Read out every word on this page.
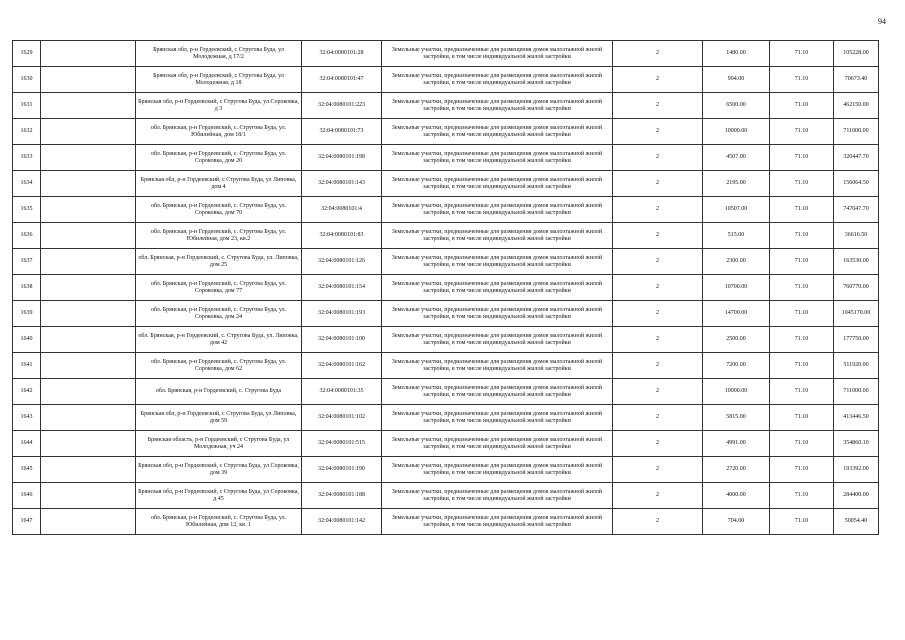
94
1629		Брянская обл, р-н Гордеевский, с Струговa Буда, ул Молодежная, д 17/2	32:04:0080101:28	Земельные участки, предназначенные для размещения домов малоэтажной жилой застройки, в том числе индивидуальной жилой застройки	2	1480.00	71.10	105228.00
1630		Брянская обл, р-н Гордеевский, с Струговa Буда, ул Молодежная, д 18	32:04:0080101:47	Земельные участки, предназначенные для размещения домов малоэтажной жилой застройки, в том числе индивидуальной жилой застройки	2	994.00	71.10	70673.40
1631		Брянская обл, р-н Гордеевский, с Струговa Буда, ул Сороковка, д 3	32:04:0080101:223	Земельные участки, предназначенные для размещения домов малоэтажной жилой застройки, в том числе индивидуальной жилой застройки	2	6500.00	71.10	462150.00
1632		обл. Брянская, р-н Гордеевский, с. Струговa Буда, ул. Юбилейная, дом 18/1	32:04:0080101:73	Земельные участки, предназначенные для размещения домов малоэтажной жилой застройки, в том числе индивидуальной жилой застройки	2	10000.00	71.10	711000.00
1633		обл. Брянская, р-н Гордеевский, с. Струговa Буда, ул. Сороковка, дом 20	32:04:0080101:198	Земельные участки, предназначенные для размещения домов малоэтажной жилой застройки, в том числе индивидуальной жилой застройки	2	4507.00	71.10	320447.70
1634		Брянская обл, р-н Гордеевский, с Струговa Буда, ул Липовка, дом 4	32:04:0080101:143	Земельные участки, предназначенные для размещения домов малоэтажной жилой застройки, в том числе индивидуальной жилой застройки	2	2195.00	71.10	156064.50
1635		обл. Брянская, р-н Гордеевский, с. Струговa Буда, ул. Сороковка, дом 70	32:04:0080101:4	Земельные участки, предназначенные для размещения домов малоэтажной жилой застройки, в том числе индивидуальной жилой застройки	2	10507.00	71.10	747047.70
1636		обл. Брянская, р-н Гордеевский, с. Струговa Буда, ул. Юбилейная, дом 23, кв.2	32:04:0080101:83	Земельные участки, предназначенные для размещения домов малоэтажной жилой застройки, в том числе индивидуальной жилой застройки	2	515.00	71.10	36616.50
1637		обл. Брянская, р-н Гордеевский, с. Струговa Буда, ул. Липовка, дом 25	32:04:0080101:126	Земельные участки, предназначенные для размещения домов малоэтажной жилой застройки, в том числе индивидуальной жилой застройки	2	2300.00	71.10	163530.00
1638		обл. Брянская, р-н Гордеевский, с. Струговa Буда, ул. Сороковка, дом 77	32:04:0080101:154	Земельные участки, предназначенные для размещения домов малоэтажной жилой застройки, в том числе индивидуальной жилой застройки	2	10700.00	71.10	760770.00
1639		обл. Брянская, р-н Гордеевский, с. Струговa Буда, ул. Сороковка, дом 24	32:04:0080101:193	Земельные участки, предназначенные для размещения домов малоэтажной жилой застройки, в том числе индивидуальной жилой застройки	2	14700.00	71.10	1045170.00
1640		обл. Брянская, р-н Гордеевский, с. Струговa Буда, ул. Липовка, дом 42	32:04:0080101:100	Земельные участки, предназначенные для размещения домов малоэтажной жилой застройки, в том числе индивидуальной жилой застройки	2	2500.00	71.10	177750.00
1641		обл. Брянская, р-н Гордеевский, с. Струговa Буда, ул. Сороковка, дом 62	32:04:0080101:162	Земельные участки, предназначенные для размещения домов малоэтажной жилой застройки, в том числе индивидуальной жилой застройки	2	7200.00	71.10	511920.00
1642		обл. Брянская, р-н Гордеевский, с. Струговa Буда	32:04:0080101:35	Земельные участки, предназначенные для размещения домов малоэтажной жилой застройки, в том числе индивидуальной жилой застройки	2	10000.00	71.10	711000.00
1643		Брянская обл, р-н Гордеевский, с Струговa Буда, ул Липовка, дом 59	32:04:0080101:102	Земельные участки, предназначенные для размещения домов малоэтажной жилой застройки, в том числе индивидуальной жилой застройки	2	5815.00	71.10	413446.50
1644		Брянская область, р-н Гордеевский, с Струговa Буда, ул Молодежная, уч 24	32:04:0080101:515	Земельные участки, предназначенные для размещения домов малоэтажной жилой застройки, в том числе индивидуальной жилой застройки	2	4991.00	71.10	354860.10
1645		Брянская обл, р-н Гордеевский, с Струговa Буда, ул Сороковка, дом 39	32:04:0080101:190	Земельные участки, предназначенные для размещения домов малоэтажной жилой застройки, в том числе индивидуальной жилой застройки	2	2720.00	71.10	193392.00
1646		Брянская обл, р-н Гордеевский, с Струговa Буда, ул Сороковка, д 45	32:04:0080101:188	Земельные участки, предназначенные для размещения домов малоэтажной жилой застройки, в том числе индивидуальной жилой застройки	2	4000.00	71.10	284400.00
1647		обл. Брянская, р-н Гордеевский, с. Струговa Буда, ул. Юбилейная, дом 12, кв. 1	32:04:0080101:142	Земельные участки, предназначенные для размещения домов малоэтажной жилой застройки, в том числе индивидуальной жилой застройки	2	704.00	71.10	50054.40
